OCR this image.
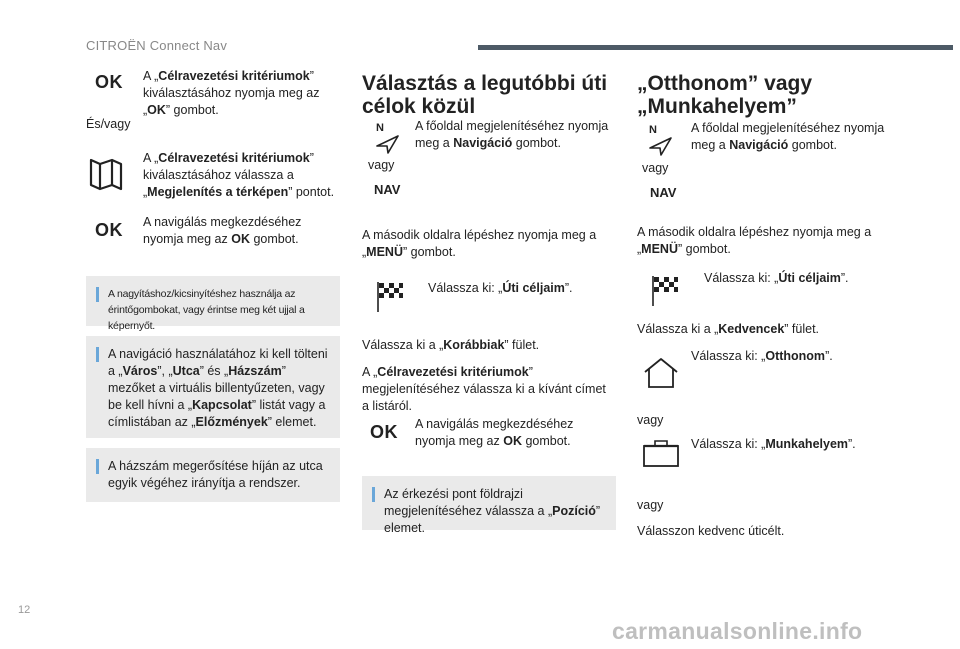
CITROËN Connect Nav
OK A „Célravezetési kritériumok” kiválasztásához nyomja meg az „OK” gombot.
És/vagy
A „Célravezetési kritériumok” kiválasztásához válassza a „Megjelenítés a térképen” pontot.
OK A navigálás megkezdéséhez nyomja meg az OK gombot.
A nagyításhoz/kicsinyítéshez használja az érintőgombokat, vagy érintse meg két ujjal a képernyőt.
A navigáció használatához ki kell tölteni a „Város”, „Utca” és „Házszám” mezőket a virtuális billentyűzeten, vagy be kell hívni a „Kapcsolat” listát vagy a címlistában az „Előzmények” elemet.
A házszám megerősítése híján az utca egyik végéhez irányítja a rendszer.
Választás a legutóbbi úti célok közül
N
vagy
NAV
A főoldal megjelenítéséhez nyomja meg a Navigáció gombot.
A második oldalra lépéshez nyomja meg a „MENÜ” gombot.
Válassza ki: „Úti céljaim”.
Válassza ki a „Korábbiak” fület.
A „Célravezetési kritériumok” megjelenítéséhez válassza ki a kívánt címet a listáról.
OK A navigálás megkezdéséhez nyomja meg az OK gombot.
Az érkezési pont földrajzi megjelenítéséhez válassza a „Pozíció” elemet.
„Otthonom” vagy „Munkahelyem”
N
vagy
NAV
A főoldal megjelenítéséhez nyomja meg a Navigáció gombot.
A második oldalra lépéshez nyomja meg a „MENÜ” gombot.
Válassza ki: „Úti céljaim”.
Válassza ki a „Kedvencek” fület.
Válassza ki: „Otthonom”.
vagy
Válassza ki: „Munkahelyem”.
vagy
Válasszon kedvenc úticélt.
12
carmanualsonline.info
